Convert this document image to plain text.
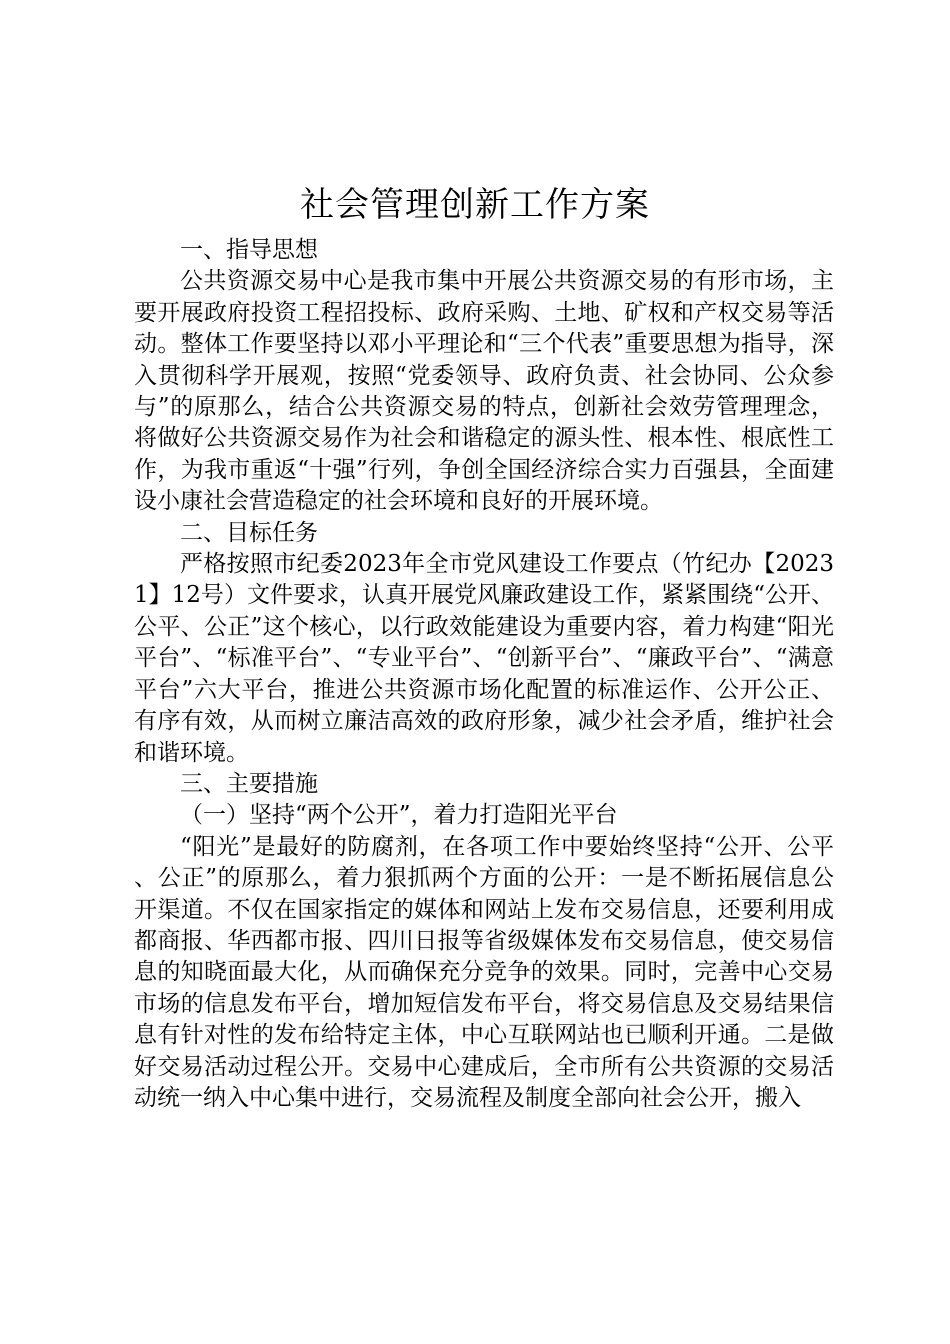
社会管理创新工作方案

一、指导思想

公共资源交易中心是我市集中开展公共资源交易的有形市场，主要开展政府投资工程招投标、政府采购、土地、矿权和产权交易等活动。整体工作要坚持以邓小平理论和“三个代表”重要思想为指导，深入贯彻科学开展观，按照“党委领导、政府负责、社会协同、公众参与”的原那么，结合公共资源交易的特点，创新社会效劳管理理念，将做好公共资源交易作为社会和谐稳定的源头性、根本性、根底性工作，为我市重返“十强”行列，争创全国经济综合实力百强县，全面建设小康社会营造稳定的社会环境和良好的开展环境。

二、目标任务

严格按照市纪委2023年全市党风建设工作要点（竹纪办【20231】12号）文件要求，认真开展党风廉政建设工作，紧紧围绕“公开、公平、公正”这个核心，以行政效能建设为重要内容，着力构建“阳光平台”、“标准平台”、“专业平台”、“创新平台”、“廉政平台”、“满意平台”六大平台，推进公共资源市场化配置的标准运作、公开公正、有序有效，从而树立廉洁高效的政府形象，减少社会矛盾，维护社会和谐环境。

三、主要措施

（一）坚持“两个公开”，着力打造阳光平台

“阳光”是最好的防腐剂，在各项工作中要始终坚持“公开、公平、公正”的原那么，着力狠抓两个方面的公开：一是不断拓展信息公开渠道。不仅在国家指定的媒体和网站上发布交易信息，还要利用成都商报、华西都市报、四川日报等省级媒体发布交易信息，使交易信息的知晓面最大化，从而确保充分竞争的效果。同时，完善中心交易市场的信息发布平台，增加短信发布平台，将交易信息及交易结果信息有针对性的发布给特定主体，中心互联网站也已顺利开通。二是做好交易活动过程公开。交易中心建成后，全市所有公共资源的交易活动统一纳入中心集中进行，交易流程及制度全部向社会公开，搬入
